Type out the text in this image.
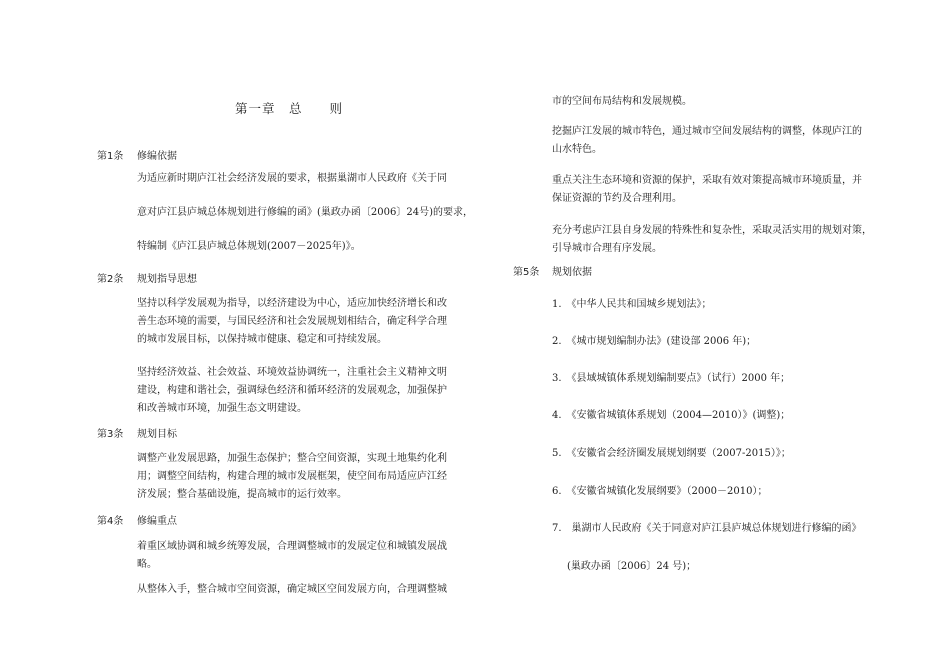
第一章　总　　则
第1条 修编依据
为适应新时期庐江社会经济发展的要求，根据巢湖市人民政府《关于同
意对庐江县庐城总体规划进行修编的函》(巢政办函〔2006〕24号)的要求，
特编制《庐江县庐城总体规划(2007－2025年)》。
第2条 规划指导思想
坚持以科学发展观为指导，以经济建设为中心，适应加快经济增长和改
善生态环境的需要，与国民经济和社会发展规划相结合，确定科学合理
的城市发展目标，以保持城市健康、稳定和可持续发展。
坚持经济效益、社会效益、环境效益协调统一，注重社会主义精神文明
建设，构建和谐社会，强调绿色经济和循环经济的发展观念，加强保护
和改善城市环境，加强生态文明建设。
第3条 规划目标
调整产业发展思路，加强生态保护；整合空间资源，实现土地集约化利
用；调整空间结构，构建合理的城市发展框架，使空间布局适应庐江经
济发展；整合基础设施，提高城市的运行效率。
第4条 修编重点
着重区域协调和城乡统筹发展，合理调整城市的发展定位和城镇发展战
略。
从整体入手，整合城市空间资源，确定城区空间发展方向，合理调整城
市的空间布局结构和发展规模。
挖掘庐江发展的城市特色，通过城市空间发展结构的调整，体现庐江的
山水特色。
重点关注生态环境和资源的保护，采取有效对策提高城市环境质量，并
保证资源的节约及合理利用。
充分考虑庐江县自身发展的特殊性和复杂性，采取灵活实用的规划对策，
引导城市合理有序发展。
第5条 规划依据
1.　《中华人民共和国城乡规划法》；
2.　《城市规划编制办法》(建设部 2006 年)；
3.　《县域城镇体系规划编制要点》（试行）2000 年；
4.　《安徽省城镇体系规划（2004—2010）》(调整)；
5.　《安徽省会经济圈发展规划纲要（2007-2015）》；
6.　《安徽省城镇化发展纲要》（2000－2010）；
7.　巢湖市人民政府《关于同意对庐江县庐城总体规划进行修编的函》
(巢政办函〔2006〕24 号)；
